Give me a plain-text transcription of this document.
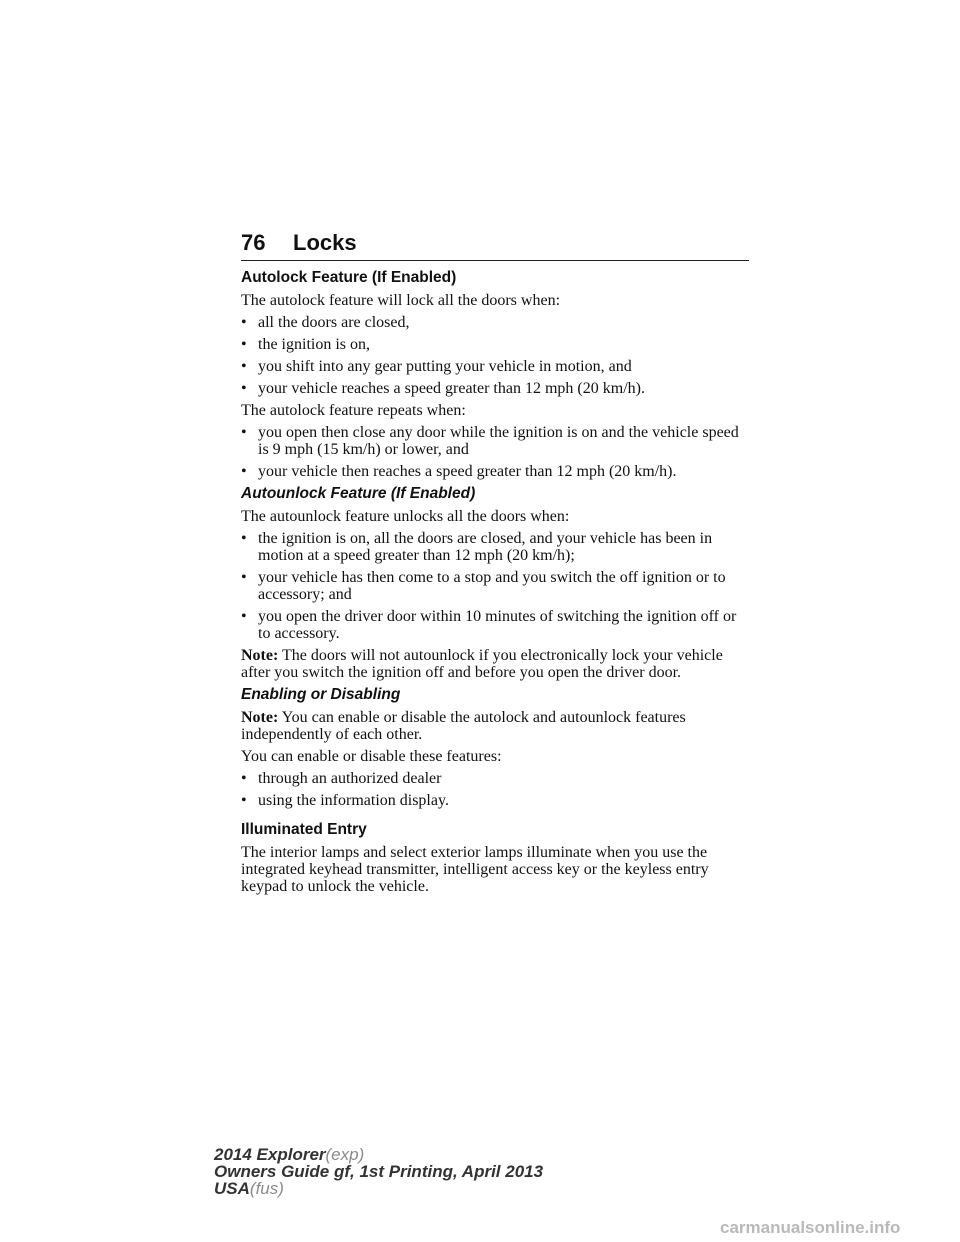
76 Locks
Autolock Feature (If Enabled)

The autolock feature will lock all the doors when:

• all the doors are closed,
• the ignition is on,
• you shift into any gear putting your vehicle in motion, and
• your vehicle reaches a speed greater than 12 mph (20 km/h).

The autolock feature repeats when:

• you open then close any door while the ignition is on and the vehicle speed is 9 mph (15 km/h) or lower, and
• your vehicle then reaches a speed greater than 12 mph (20 km/h).
Autounlock Feature (If Enabled)

The autounlock feature unlocks all the doors when:

• the ignition is on, all the doors are closed, and your vehicle has been in motion at a speed greater than 12 mph (20 km/h);
• your vehicle has then come to a stop and you switch the off ignition or to accessory; and
• you open the driver door within 10 minutes of switching the ignition off or to accessory.

Note: The doors will not autounlock if you electronically lock your vehicle after you switch the ignition off and before you open the driver door.

Enabling or Disabling

Note: You can enable or disable the autolock and autounlock features independently of each other.

You can enable or disable these features:

• through an authorized dealer
• using the information display.
Illuminated Entry

The interior lamps and select exterior lamps illuminate when you use the integrated keyhead transmitter, intelligent access key or the keyless entry keypad to unlock the vehicle.

2014 Explorer(exp)
Owners Guide gf, 1st Printing, April 2013
USA(fus)
carmanualsonline.info
